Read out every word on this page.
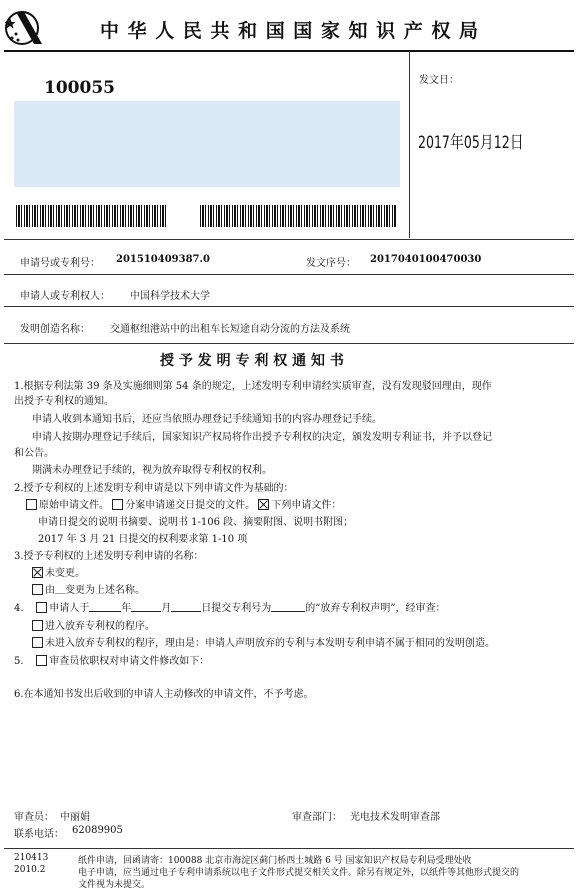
中 华 人 民 共 和 国 国 家 知 识 产 权 局
100055	发文日：
2017年05月12日
申请号或专利号： 201510409387.0	发文序号： 2017040100470030
申请人或专利权人： 中国科学技术大学
发明创造名称： 交通枢纽港站中的出租车长短途自动分流的方法及系统
授 予 发 明 专 利 权 通 知 书
1.根据专利法第 39 条及实施细则第 54 条的规定，上述发明专利申请经实质审查，没有发现驳回理由，现作
出授予专利权的通知。
申请人收到本通知书后，还应当依照办理登记手续通知书的内容办理登记手续。
申请人按期办理登记手续后，国家知识产权局将作出授予专利权的决定，颁发发明专利证书，并予以登记
和公告。
期满未办理登记手续的，视为放弃取得专利权的权利。
2.授予专利权的上述发明专利申请是以下列申请文件为基础的：
原始申请文件。 分案申请递交日提交的文件。 下列申请文件：
申请日提交的说明书摘要、说明书 1-106 段、摘要附图、说明书附图；
2017 年 3 月 21 日提交的权利要求第 1-10 项
3.授予专利权的上述发明专利申请的名称：
未变更。
由＿变更为上述名称。
4.	申请人于	年	月	日提交专利号为	的“放弃专利权声明”，经审查：
进入放弃专利权的程序。
未进入放弃专利权的程序，理由是：申请人声明放弃的专利与本发明专利申请不属于相同的发明创造。
5.	审查员依职权对申请文件修改如下：
6.在本通知书发出后收到的申请人主动修改的申请文件，不予考虑。
审查员： 中丽娟	审查部门： 光电技术发明审查部
联系电话： 62089905
210413
2010.2
纸件申请，回函请寄：100088 北京市海淀区蓟门桥西土城路 6 号 国家知识产权局专利局受理处收
电子申请，应当通过电子专利申请系统以电子文件形式提交相关文件。除另有规定外，以纸件等其他形式提交的
文件视为未提交。
